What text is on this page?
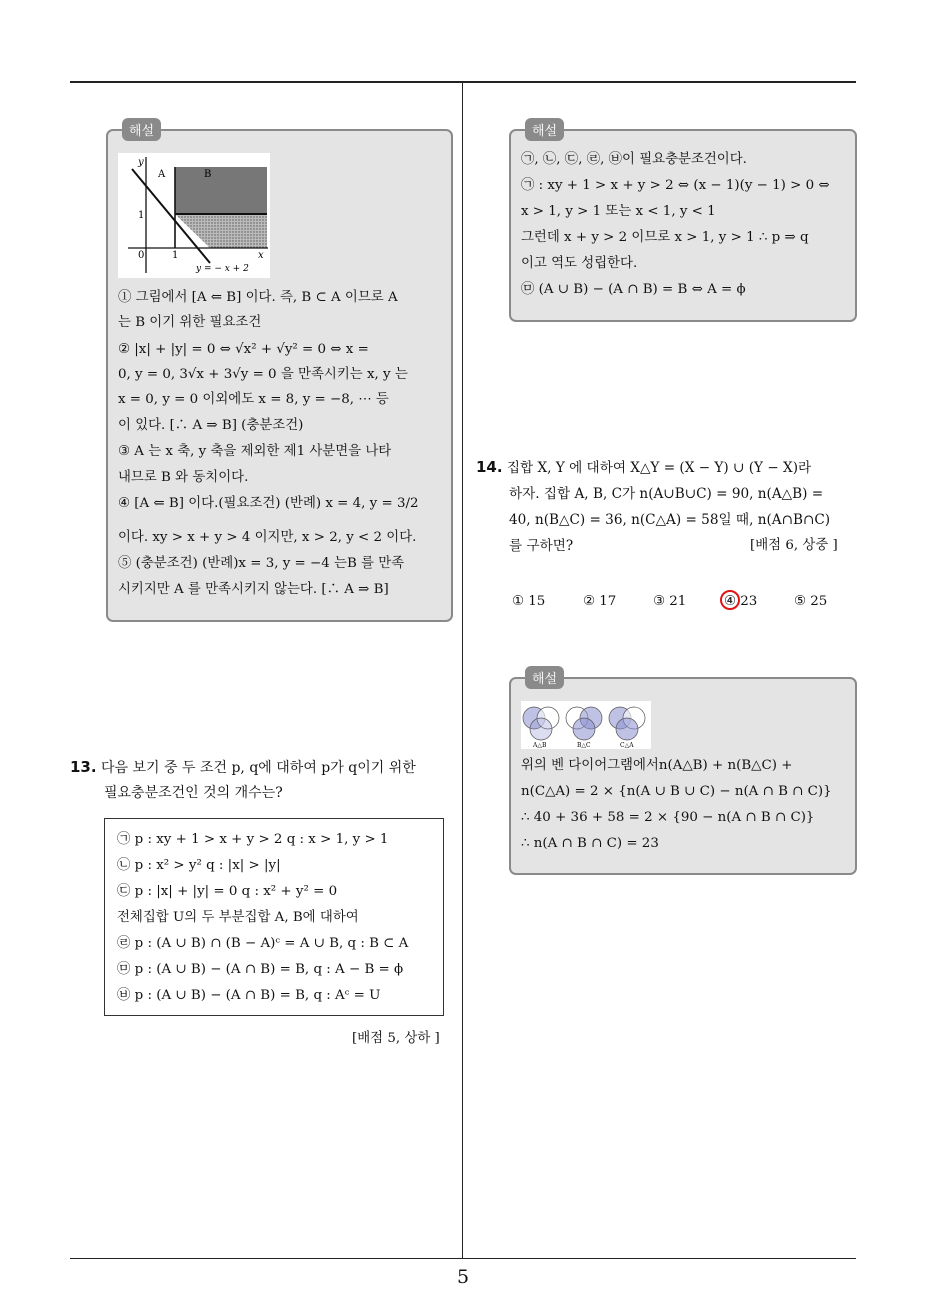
5
해설
A	B
y
x
1
1
0
y = − x + 2
① 그림에서 [A ⇐ B] 이다. 즉, B ⊂ A 이므로 A
는 B 이기 위한 필요조건
② |x| + |y| = 0 ⇔ √x² + √y² = 0 ⇔ x =
0, y = 0, 3√x + 3√y = 0 을 만족시키는 x, y 는
x = 0, y = 0 이외에도 x = 8, y = −8, ⋯ 등
이 있다. [∴ A ⇒ B] (충분조건)
③ A 는 x 축, y 축을 제외한 제1 사분면을 나타
내므로 B 와 동치이다.
④ [A ⇐ B] 이다.(필요조건) (반례) x = 4, y = 3/2
이다. xy > x + y > 4 이지만, x > 2, y < 2 이다.
⑤ (충분조건) (반례)x = 3, y = −4 는B 를 만족
시키지만 A 를 만족시키지 않는다. [∴ A ⇒ B]
13. 다음 보기 중 두 조건 p, q에 대하여 p가 q이기 위한
필요충분조건인 것의 개수는?
㉠ p : xy + 1 > x + y > 2 q : x > 1, y > 1
㉡ p : x² > y² q : |x| > |y|
㉢ p : |x| + |y| = 0 q : x² + y² = 0
전체집합 U의 두 부분집합 A, B에 대하여
㉣ p : (A ∪ B) ∩ (B − A)ᶜ = A ∪ B, q : B ⊂ A
㉤ p : (A ∪ B) − (A ∩ B) = B, q : A − B = ϕ
㉥ p : (A ∪ B) − (A ∩ B) = B, q : Aᶜ = U
[배점 5, 상하 ]
해설
㉠, ㉡, ㉢, ㉣, ㉥이 필요충분조건이다.
㉠ : xy + 1 > x + y > 2 ⇔ (x − 1)(y − 1) > 0 ⇔
x > 1, y > 1 또는 x < 1, y < 1
그런데 x + y > 2 이므로 x > 1, y > 1 ∴ p ⇒ q
이고 역도 성립한다.
㉤ (A ∪ B) − (A ∩ B) = B ⇔ A = ϕ
14. 집합 X, Y 에 대하여 X△Y = (X − Y) ∪ (Y − X)라
하자. 집합 A, B, C가 n(A∪B∪C) = 90, n(A△B) =
40, n(B△C) = 36, n(C△A) = 58일 때, n(A∩B∩C)
를 구하면?	[배점 6, 상중 ]
① 15	② 17	③ 21	④ 23	⑤ 25
해설
A△B	B△C	C△A
위의 벤 다이어그램에서n(A△B) + n(B△C) +
n(C△A) = 2 × {n(A ∪ B ∪ C) − n(A ∩ B ∩ C)}
∴ 40 + 36 + 58 = 2 × {90 − n(A ∩ B ∩ C)}
∴ n(A ∩ B ∩ C) = 23
